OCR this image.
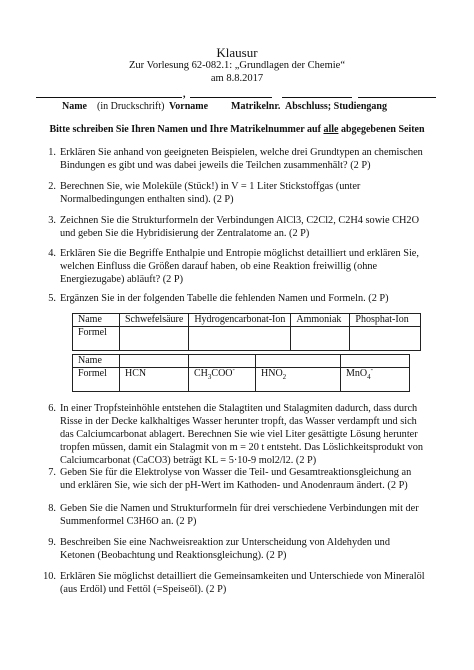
Klausur
Zur Vorlesung 62-082.1: „Grundlagen der Chemie“
am 8.8.2017
,
Name (in Druckschrift) Vorname Matrikelnr. Abschluss; Studiengang
Bitte schreiben Sie Ihren Namen und Ihre Matrikelnummer auf alle abgegebenen Seiten
1. Erklären Sie anhand von geeigneten Beispielen, welche drei Grundtypen an chemischen Bindungen es gibt und was dabei jeweils die Teilchen zusammenhält? (2 P)
2. Berechnen Sie, wie Moleküle (Stück!) in V = 1 Liter Stickstoffgas (unter Normalbedingungen enthalten sind). (2 P)
3. Zeichnen Sie die Strukturformeln der Verbindungen AlCl3, C2Cl2, C2H4 sowie CH2O und geben Sie die Hybridisierung der Zentralatome an. (2 P)
4. Erklären Sie die Begriffe Enthalpie und Entropie möglichst detailliert und erklären Sie, welchen Einfluss die Größen darauf haben, ob eine Reaktion freiwillig (ohne Energiezugabe) abläuft? (2 P)
5. Ergänzen Sie in der folgenden Tabelle die fehlenden Namen und Formeln. (2 P)
Name	Schwefelsäure	Hydrogencarbonat-Ion	Ammoniak	Phosphat-Ion
Formel				
Name				
Formel	HCN	$CH_3COO^-$	$HNO_2$	MnO$_4$-
6. In einer Tropfsteinhöhle entstehen die Stalagtiten und Stalagmiten dadurch, dass durch Risse in der Decke kalkhaltiges Wasser herunter tropft, das Wasser verdampft und sich das Calciumcarbonat ablagert. Berechnen Sie wie viel Liter gesättigte Lösung herunter tropfen müssen, damit ein Stalagmit von m = 20 t entsteht. Das Löslichkeitsprodukt von Calciumcarbonat (CaCO3) beträgt KL = 5·10-9 mol2/l2. (2 P)
7. Geben Sie für die Elektrolyse von Wasser die Teil- und Gesamtreaktionsgleichung an und erklären Sie, wie sich der pH-Wert im Kathoden- und Anodenraum ändert. (2 P)
8. Geben Sie die Namen und Strukturformeln für drei verschiedene Verbindungen mit der Summenformel C3H6O an. (2 P)
9. Beschreiben Sie eine Nachweisreaktion zur Unterscheidung von Aldehyden und Ketonen (Beobachtung und Reaktionsgleichung). (2 P)
10. Erklären Sie möglichst detailliert die Gemeinsamkeiten und Unterschiede von Mineralöl (aus Erdöl) und Fettöl (=Speiseöl). (2 P)
